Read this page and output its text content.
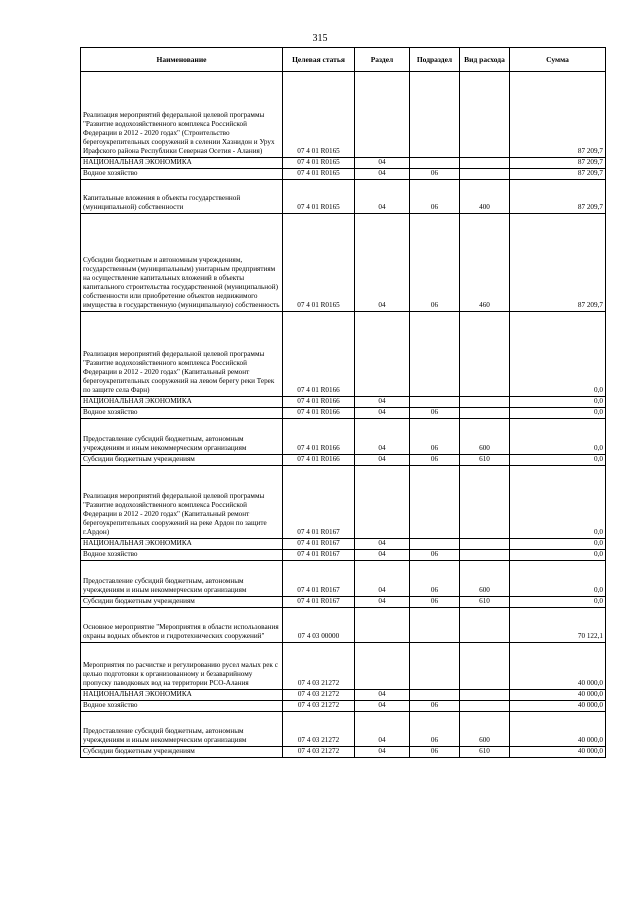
315
Наименование	Целевая статья	Раздел	Подраздел	Вид расхода	Сумма
Реализация мероприятий федеральной целевой программы "Развитие водохозяйственного комплекса Российской Федерации в 2012 - 2020 годах" (Строительство берегоукрепительных сооружений в селении Хазнидон и Урух Ирафского района Республики Северная Осетия - Алания)	07 4 01 R0165				87 209,7
НАЦИОНАЛЬНАЯ ЭКОНОМИКА	07 4 01 R0165	04			87 209,7
Водное хозяйство	07 4 01 R0165	04	06		87 209,7
Капитальные вложения в объекты государственной (муниципальной) собственности	07 4 01 R0165	04	06	400	87 209,7
Субсидии бюджетным и автономным учреждениям, государственным (муниципальным) унитарным предприятиям на осуществление капитальных вложений в объекты капитального строительства государственной (муниципальной) собственности или приобретение объектов недвижимого имущества в государственную (муниципальную) собственность	07 4 01 R0165	04	06	460	87 209,7
Реализация мероприятий федеральной целевой программы "Развитие водохозяйственного комплекса Российской Федерации в 2012 - 2020 годах" (Капитальный ремонт берегоукрепительных сооружений на левом берегу реки Терек по защите села Фарн)	07 4 01 R0166				0,0
НАЦИОНАЛЬНАЯ ЭКОНОМИКА	07 4 01 R0166	04			0,0
Водное хозяйство	07 4 01 R0166	04	06		0,0
Предоставление субсидий бюджетным, автономным учреждениям и иным некоммерческим организациям	07 4 01 R0166	04	06	600	0,0
Субсидии бюджетным учреждениям	07 4 01 R0166	04	06	610	0,0
Реализация мероприятий федеральной целевой программы "Развитие водохозяйственного комплекса Российской Федерации в 2012 - 2020 годах" (Капитальный ремонт берегоукрепительных сооружений на реке Ардон по защите г.Ардон)	07 4 01 R0167				0,0
НАЦИОНАЛЬНАЯ ЭКОНОМИКА	07 4 01 R0167	04			0,0
Водное хозяйство	07 4 01 R0167	04	06		0,0
Предоставление субсидий бюджетным, автономным учреждениям и иным некоммерческим организациям	07 4 01 R0167	04	06	600	0,0
Субсидии бюджетным учреждениям	07 4 01 R0167	04	06	610	0,0
Основное мероприятие "Мероприятия в области использования охраны водных объектов и гидротехнических сооружений"	07 4 03 00000				70 122,1
Мероприятия по расчистке и регулированию русел малых рек с целью подготовки к организованному и безаварийному пропуску паводковых вод на территории РСО-Алания	07 4 03 21272				40 000,0
НАЦИОНАЛЬНАЯ ЭКОНОМИКА	07 4 03 21272	04			40 000,0
Водное хозяйство	07 4 03 21272	04	06		40 000,0
Предоставление субсидий бюджетным, автономным учреждениям и иным некоммерческим организациям	07 4 03 21272	04	06	600	40 000,0
Субсидии бюджетным учреждениям	07 4 03 21272	04	06	610	40 000,0
